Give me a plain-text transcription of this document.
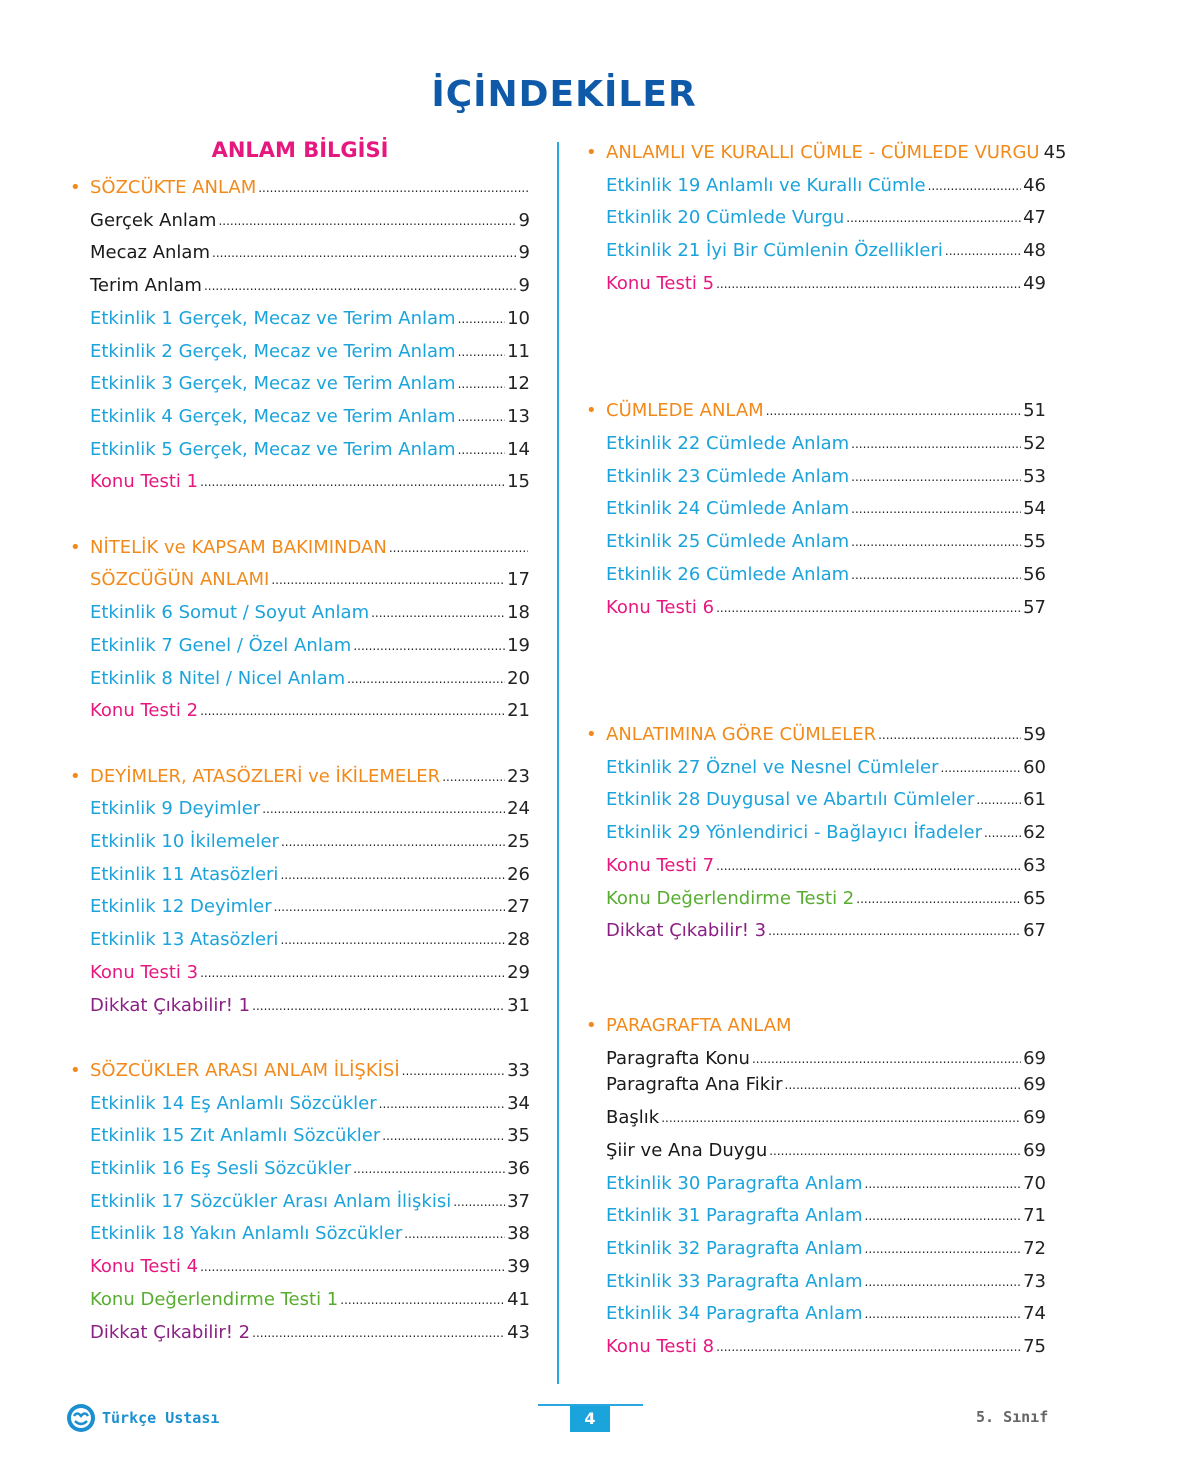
İÇİNDEKİLER
ANLAM BİLGİSİ
• SÖZCÜKTE ANLAM
.....
Gerçek Anlam .....	9
Mecaz Anlam .....	9
Terim Anlam .....	9
Etkinlik 1 Gerçek, Mecaz ve Terim Anlam .....	10
Etkinlik 2 Gerçek, Mecaz ve Terim Anlam .....	11
Etkinlik 3 Gerçek, Mecaz ve Terim Anlam .....	12
Etkinlik 4 Gerçek, Mecaz ve Terim Anlam .....	13
Etkinlik 5 Gerçek, Mecaz ve Terim Anlam .....	14
Konu Testi 1 .....	15
• NİTELİK ve KAPSAM BAKIMINDAN
.....
SÖZCÜĞÜN ANLAMI .....	17
Etkinlik 6 Somut / Soyut Anlam .....	18
Etkinlik 7 Genel / Özel Anlam .....	19
Etkinlik 8 Nitel / Nicel Anlam .....	20
Konu Testi 2 .....	21
• DEYİMLER, ATASÖZLERİ ve İKİLEMELER .....	23
Etkinlik 9 Deyimler .....	24
Etkinlik 10 İkilemeler .....	25
Etkinlik 11 Atasözleri .....	26
Etkinlik 12 Deyimler .....	27
Etkinlik 13 Atasözleri .....	28
Konu Testi 3 .....	29
Dikkat Çıkabilir! 1 .....	31
• SÖZCÜKLER ARASI ANLAM İLİŞKİSİ .....	33
Etkinlik 14 Eş Anlamlı Sözcükler .....	34
Etkinlik 15 Zıt Anlamlı Sözcükler .....	35
Etkinlik 16 Eş Sesli Sözcükler .....	36
Etkinlik 17 Sözcükler Arası Anlam İlişkisi .....	37
Etkinlik 18 Yakın Anlamlı Sözcükler .....	38
Konu Testi 4 .....	39
Konu Değerlendirme Testi 1 .....	41
Dikkat Çıkabilir! 2 .....	43
• ANLAMLI VE KURALLI CÜMLE - CÜMLEDE VURGU 45
Etkinlik 19 Anlamlı ve Kurallı Cümle .....	46
Etkinlik 20 Cümlede Vurgu .....	47
Etkinlik 21 İyi Bir Cümlenin Özellikleri .....	48
Konu Testi 5 .....	49
• CÜMLEDE ANLAM .....	51
Etkinlik 22 Cümlede Anlam .....	52
Etkinlik 23 Cümlede Anlam .....	53
Etkinlik 24 Cümlede Anlam .....	54
Etkinlik 25 Cümlede Anlam .....	55
Etkinlik 26 Cümlede Anlam .....	56
Konu Testi 6 .....	57
• ANLATIMINA GÖRE CÜMLELER .....	59
Etkinlik 27 Öznel ve Nesnel Cümleler .....	60
Etkinlik 28 Duygusal ve Abartılı Cümleler .....	61
Etkinlik 29 Yönlendirici - Bağlayıcı İfadeler ..... 62
Konu Testi 7 .....	63
Konu Değerlendirme Testi 2 .....	65
Dikkat Çıkabilir! 3 .....	67
• PARAGRAFTA ANLAM
Paragrafta Konu .....	69
Paragrafta Ana Fikir .....	69
Başlık .....	69
Şiir ve Ana Duygu .....	69
Etkinlik 30 Paragrafta Anlam .....	70
Etkinlik 31 Paragrafta Anlam .....	71
Etkinlik 32 Paragrafta Anlam .....	72
Etkinlik 33 Paragrafta Anlam .....	73
Etkinlik 34 Paragrafta Anlam .....	74
Konu Testi 8 .....	75
Türkçe Ustası	4	5. Sınıf
